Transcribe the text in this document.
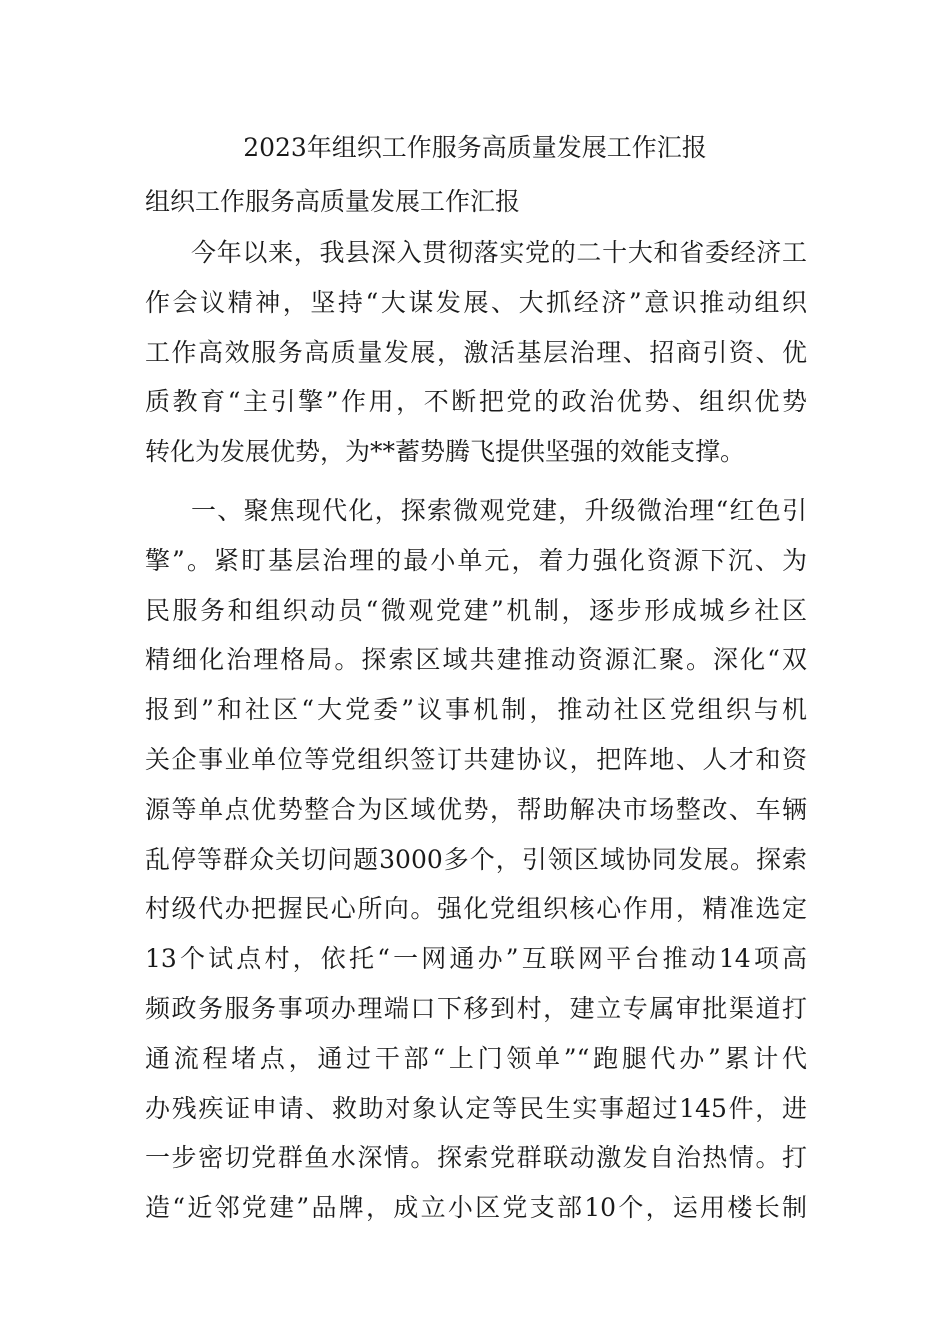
2023年组织工作服务高质量发展工作汇报
组织工作服务高质量发展工作汇报
今年以来，我县深入贯彻落实党的二十大和省委经济工
作会议精神，坚持“大谋发展、大抓经济”意识推动组织
工作高效服务高质量发展，激活基层治理、招商引资、优
质教育“主引擎”作用，不断把党的政治优势、组织优势
转化为发展优势，为**蓄势腾飞提供坚强的效能支撑。
一、聚焦现代化，探索微观党建，升级微治理“红色引
擎”。紧盯基层治理的最小单元，着力强化资源下沉、为
民服务和组织动员“微观党建”机制，逐步形成城乡社区
精细化治理格局。探索区域共建推动资源汇聚。深化“双
报到”和社区“大党委”议事机制，推动社区党组织与机
关企事业单位等党组织签订共建协议，把阵地、人才和资
源等单点优势整合为区域优势，帮助解决市场整改、车辆
乱停等群众关切问题3000多个，引领区域协同发展。探索
村级代办把握民心所向。强化党组织核心作用，精准选定
13个试点村，依托“一网通办”互联网平台推动14项高
频政务服务事项办理端口下移到村，建立专属审批渠道打
通流程堵点，通过干部“上门领单”“跑腿代办”累计代
办残疾证申请、救助对象认定等民生实事超过145件，进
一步密切党群鱼水深情。探索党群联动激发自治热情。打
造“近邻党建”品牌，成立小区党支部10个，运用楼长制
